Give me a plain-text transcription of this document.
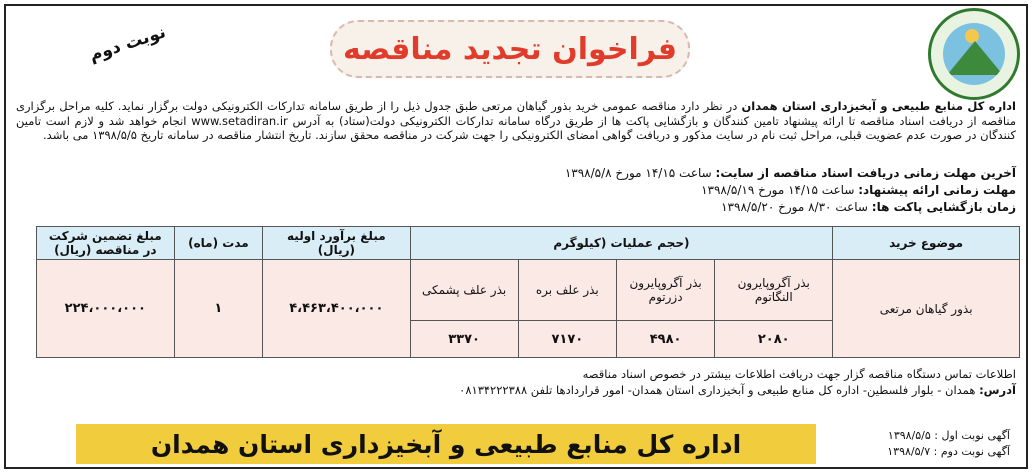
فراخوان تجدید مناقصه
نوبت دوم
اداره کل منابع طبیعی و آبخیزداری استان همدان در نظر دارد مناقصه عمومی خرید بذور گیاهان مرتعی طبق جدول ذیل را از طریق سامانه تدارکات الکترونیکی دولت برگزار نماید. کلیه مراحل برگزاری مناقصه از دریافت اسناد مناقصه تا ارائه پیشنهاد تامین کنندگان و بازگشایی پاکت ها از طریق درگاه سامانه تدارکات الکترونیکی دولت(ستاد) به آدرس www.setadiran.ir انجام خواهد شد و لازم است تامین کنندگان در صورت عدم عضویت قبلی، مراحل ثبت نام در سایت مذکور و دریافت گواهی امضای الکترونیکی را جهت شرکت در مناقصه محقق سازند. تاریخ انتشار مناقصه در سامانه تاریخ ۱۳۹۸/۵/۵ می باشد.
آخرین مهلت زمانی دریافت اسناد مناقصه از سایت: ساعت ۱۴/۱۵ مورخ ۱۳۹۸/۵/۸
مهلت زمانی ارائه پیشنهاد: ساعت ۱۴/۱۵ مورخ ۱۳۹۸/۵/۱۹
زمان بازگشایی پاکت ها: ساعت ۸/۳۰ مورخ ۱۳۹۸/۵/۲۰
موضوع خرید	(حجم عملیات (کیلوگرم				مبلغ برآورد اولیه (ریال)	مدت (ماه)	مبلغ تضمین شرکت در مناقصه (ریال)
بذور گیاهان مرتعی	بذر آگروپایرون النگاتوم	بذر آگروپایرون دزرتوم	بذر علف بره	بذر علف پشمکی	۴،۴۶۳،۴۰۰،۰۰۰	۱	۲۲۴،۰۰۰،۰۰۰
	۲۰۸۰	۴۹۸۰	۷۱۷۰	۳۳۷۰			
اطلاعات تماس دستگاه مناقصه گزار جهت دریافت اطلاعات بیشتر در خصوص اسناد مناقصه
آدرس: همدان - بلوار فلسطین- اداره کل منابع طبیعی و آبخیزداری استان همدان- امور قراردادها تلفن ۰۸۱۳۴۲۲۲۳۸۸
اداره کل منابع طبیعی و آبخیزداری استان همدان	آگهی نوبت اول : ۱۳۹۸/۵/۵
آگهی نوبت دوم : ۱۳۹۸/۵/۷
